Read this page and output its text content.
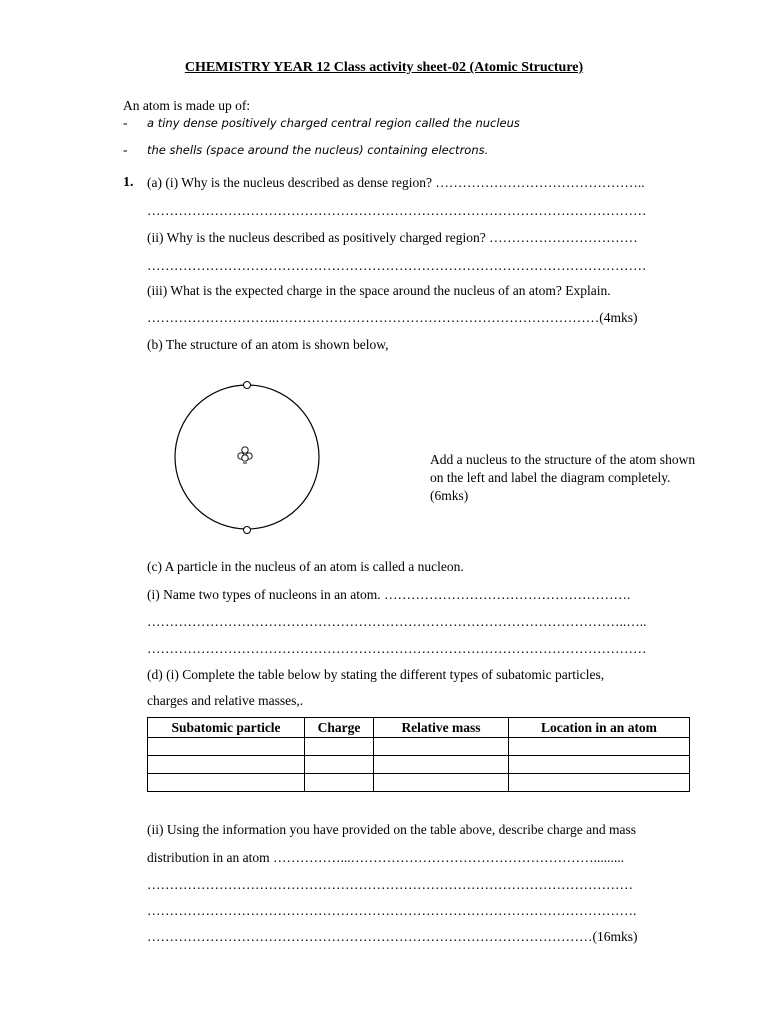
CHEMISTRY YEAR 12 Class activity sheet-02 (Atomic Structure)
An atom is made up of:
- a tiny dense positively charged central region called the nucleus
- the shells (space around the nucleus) containing electrons.
1. (a) (i) Why is the nucleus described as dense region? ………………………………………..
…………………………………………………………………………………………………
(ii) Why is the nucleus described as positively charged region? ……………………………
…………………………………………………………………………………………………
(iii) What is the expected charge in the space around the nucleus of an atom? Explain.
………………………..………………………………………………………………(4mks)
(b) The structure of an atom is shown below,
Add a nucleus to the structure of the atom shown on the left and label the diagram completely. (6mks)
(c) A particle in the nucleus of an atom is called a nucleon.
(i) Name two types of nucleons in an atom. ……………………………………………….
……………………………………………………………………………………………..…..
…………………………………………………………………………………………………
(d) (i) Complete the table below by stating the different types of subatomic particles,
charges and relative masses,.
Subatomic particle	Charge	Relative mass	Location in an atom

(ii) Using the information you have provided on the table above, describe charge and mass
distribution in an atom ……………...……………………………………………….........
………………………………………………………………………………………………
……………………………………………………………………………………………….
………………………………………………………………………………………(16mks)
